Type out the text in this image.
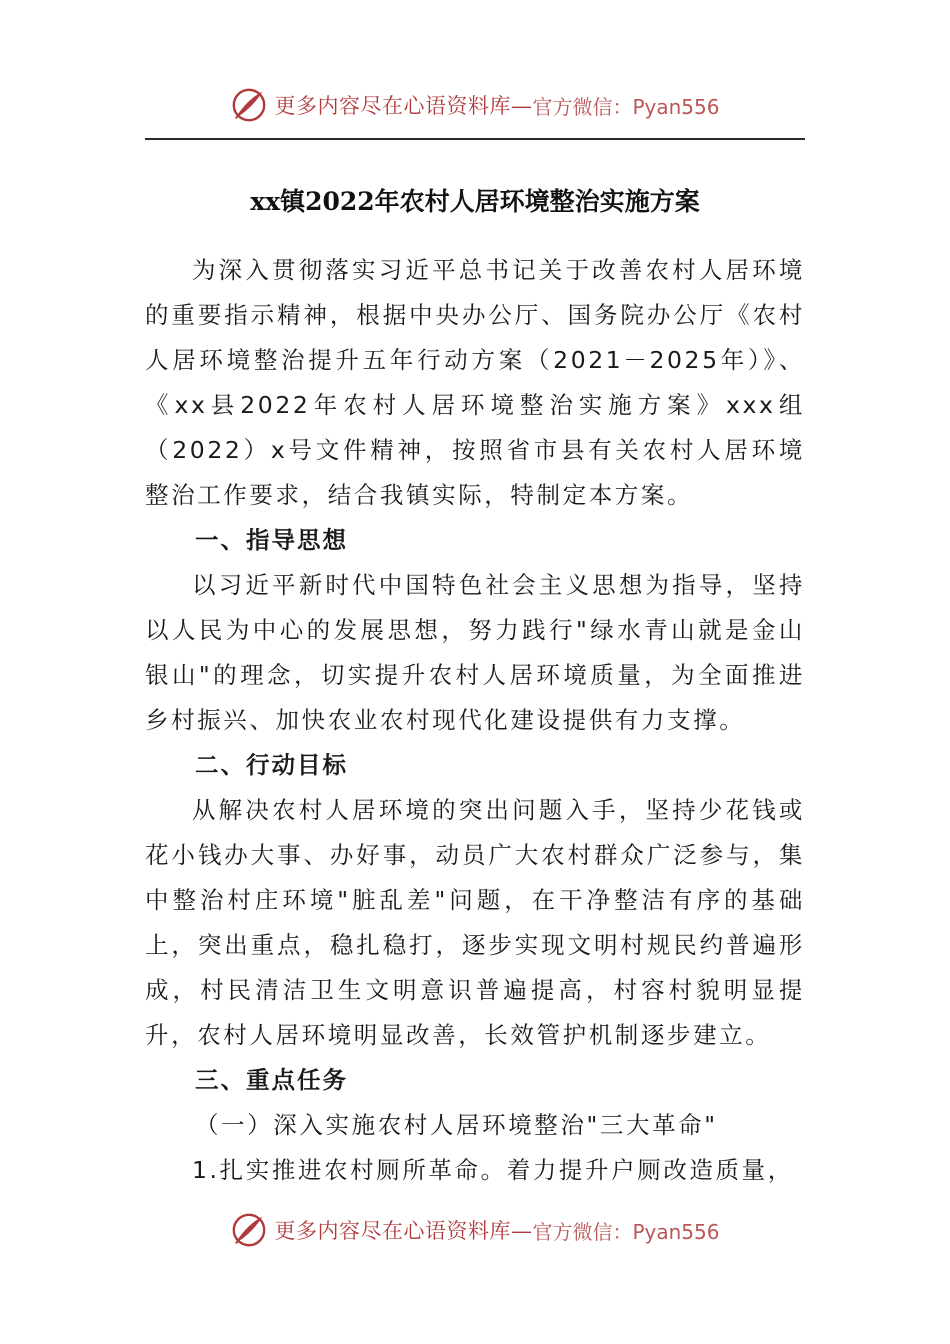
更多内容尽在心语资料库— 官方微信：Pyan556
xx镇2022年农村人居环境整治实施方案

为深入贯彻落实习近平总书记关于改善农村人居环境的重要指示精神，根据中央办公厅、国务院办公厅《农村人居环境整治提升五年行动方案（2021－2025年）》、《xx县2022年农村人居环境整治实施方案》xxx组（2022）x号文件精神，按照省市县有关农村人居环境整治工作要求，结合我镇实际，特制定本方案。

一、指导思想

以习近平新时代中国特色社会主义思想为指导，坚持以人民为中心的发展思想，努力践行"绿水青山就是金山银山"的理念，切实提升农村人居环境质量，为全面推进乡村振兴、加快农业农村现代化建设提供有力支撑。

二、行动目标

从解决农村人居环境的突出问题入手，坚持少花钱或花小钱办大事、办好事，动员广大农村群众广泛参与，集中整治村庄环境"脏乱差"问题，在干净整洁有序的基础上，突出重点，稳扎稳打，逐步实现文明村规民约普遍形成，村民清洁卫生文明意识普遍提高，村容村貌明显提升，农村人居环境明显改善，长效管护机制逐步建立。

三、重点任务

（一）深入实施农村人居环境整治"三大革命"

1.扎实推进农村厕所革命。着力提升户厕改造质量，

更多内容尽在心语资料库— 官方微信：Pyan556
